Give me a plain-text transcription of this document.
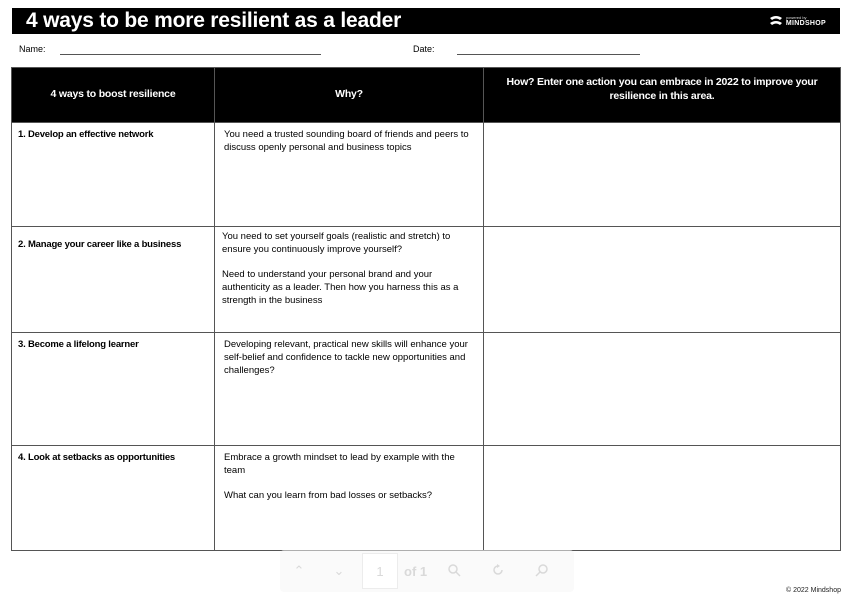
4 ways to be more resilient as a leader	powered by
MINDSHOP
Name:	Date:
4 ways to boost resilience	Why?	How? Enter one action you can embrace in 2022 to improve your resilience in this area.
1. Develop an effective network	You need a trusted sounding board of friends and peers to discuss openly personal and business topics	

2. Manage your career like a business	You need to set yourself goals (realistic and stretch) to ensure you continuously improve yourself?

Need to understand your personal brand and your authenticity as a leader. Then how you harness this as a strength in the business	

3. Become a lifelong learner	Developing relevant, practical new skills will enhance your self-belief and confidence to tackle new opportunities and challenges?	

4. Look at setbacks as opportunities	Embrace a growth mindset to lead by example with the team

What can you learn from bad losses or setbacks?	

⌃	⌄	1	of 1
© 2022 Mindshop
